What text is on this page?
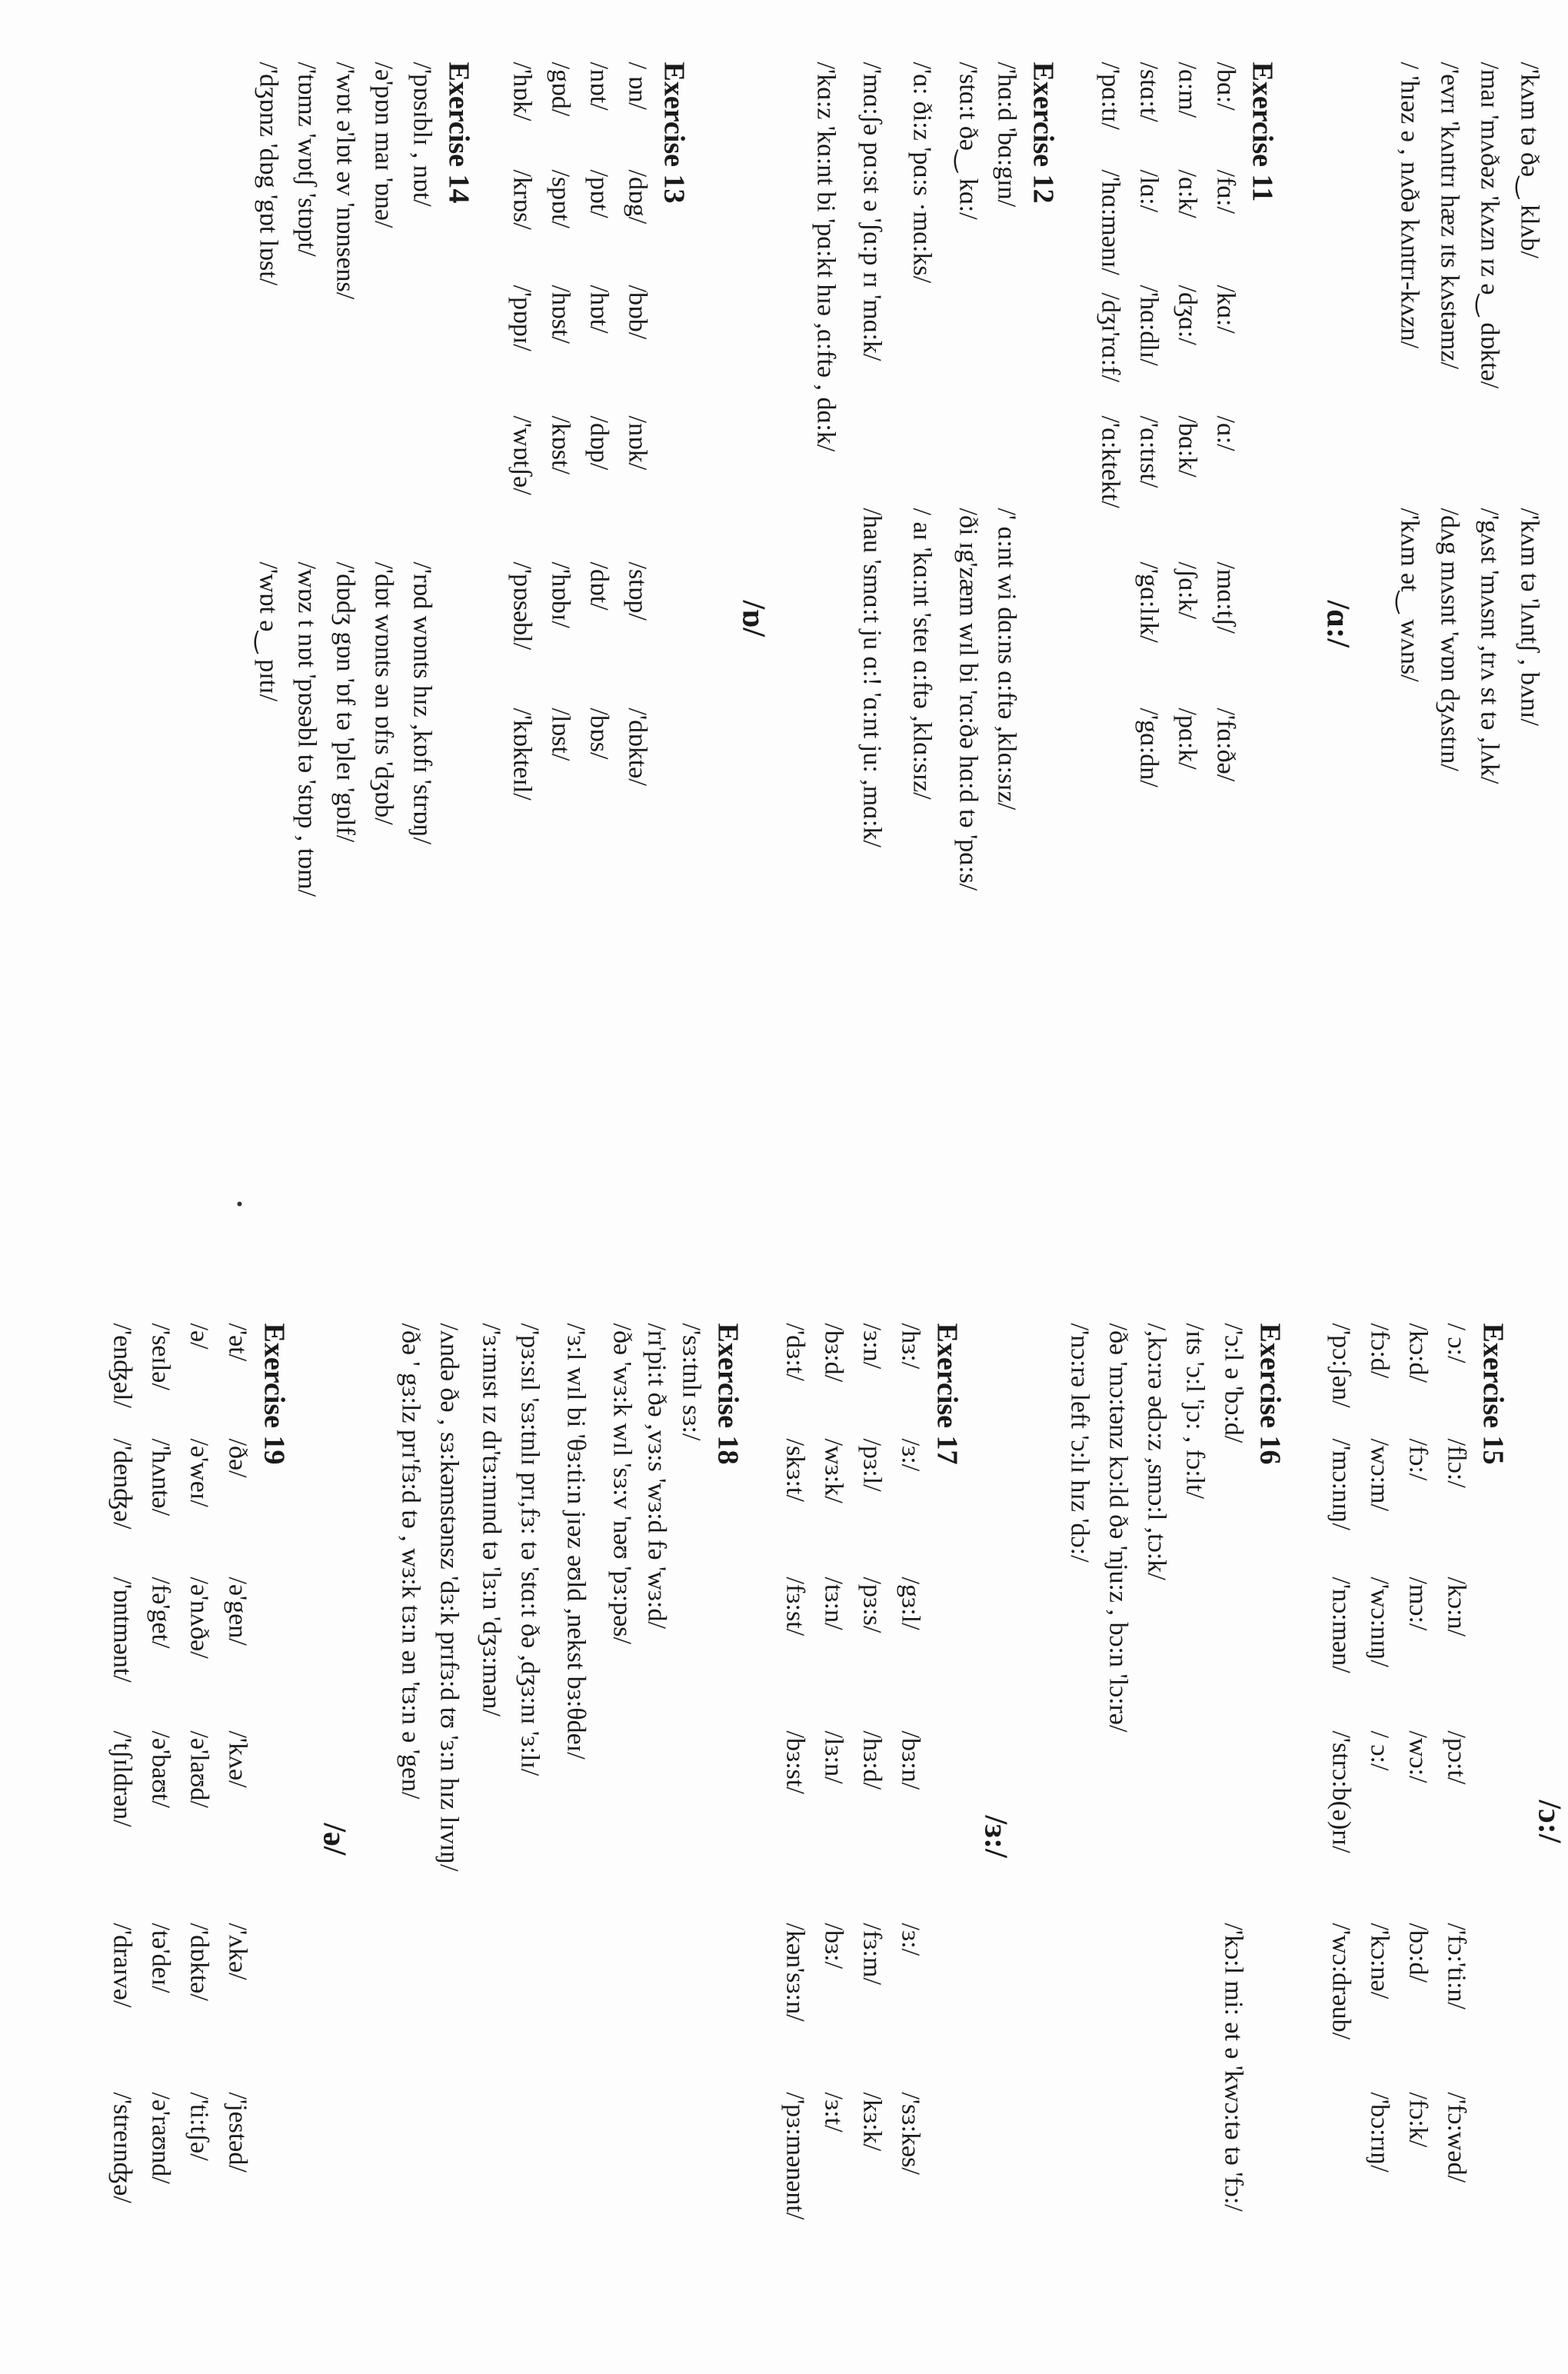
/'kʌm tə ðə‿ klʌb/
/maɪ 'mʌðəz 'kʌzn ɪz ə‿ dɒktə/
/'evrɪ 'kʌntrɪ hæz ɪts kʌstəmz/
/ 'hɪəz ə , nʌðə kʌntrɪ-kʌzn/
/'kʌm tə 'lʌntʃ , bʌnɪ/
/'gʌst 'mʌsnt ,trʌ st tə ,lʌk/
/dʌg mʌsnt 'wɒn dʒʌstɪn/
/'kʌm ət‿ wʌns/
/ɑ:/
Exercise 11
/bɑ:/
/fɑ:/
/kɑ:/
/ɑ:/
/mɑ:tʃ/
/'fɑ:ðə/
/ɑ:m/
/ɑ:k/
/dʒɑ:/
/bɑ:k/
/ʃɑ:k/
/pɑ:k/
/stɑ:t/
/lɑ:/
/'hɑ:dlɪ/
/'ɑ:tɪst/
/'gɑ:lɪk/
/'gɑ:dn/
/'pɑ:tɪ/
/'hɑ:mənɪ/
/dʒɪ'rɑ:f/
/'ɑ:ktekt/
Exercise 12
/'hɑ:d 'bɑ:gɪn/
/' ɑ:nt wi dɑ:ns ɑ:ftə ,klɑ:sɪz/
/'stɑ:t ðə‿ kɑ:/
/ði ɪg'zæm wɪl bi 'rɑ:ðə hɑ:d tə 'pɑ:s/
/'ɑ: ði:z 'pɑ:s ·mɑ:ks/
/ aɪ 'kɑ:nt 'steɪ ɑ:ftə ,klɑ:sɪz/
/'mɑ:ʃə pɑ:st ə 'ʃɑ:p rɪ 'mɑ:k/
/hau 'smɑ:t ju ɑ:! 'ɑ:nt ju: ,mɑ:k/
/'kɑ:z 'kɑ:nt bi 'pɑ:kt hɪə ,ɑ:ftə , dɑ:k/
/ɒ/
Exercise 13
/ ɒn/
/dɒg/
/bɒb/
/nɒk/
/stɒp/
/'dɒktə/
/nɒt/
/pɒt/
/hɒt/
/dɒp/
/dɒt/
/bɒs/
/gɒd/
/spɒt/
/hɒst/
/kɒst/
/'hɒbɪ/
/lɒst/
/'hɒk/
/krɒs/
/'pɒpɪ/
/'wɒtʃə/
/'pɒsəbl/
/'kɒkteɪl/
Exercise 14
/'pɒsɪblɪ , nɒt/
/'rɒd wɒnts hɪz ,kɒfɪ 'strɒŋ/
/ə'pɒn maɪ 'ɒnə/
/'dɒt wɒnts ən ɒfɪs 'dʒɒb/
/'wɒt ə'lɒt əv 'nɒnsens/
/'dɒdʒ gɒn 'ɒf tə 'pleɪ 'gɒlf/
/'tɒmz 'wɒtʃ 'stɒpt/
/wɒz t nɒt 'pɒsəbl tə 'stɒp , tɒm/
/'dʒɒnz 'dɒg 'gɒt lɒst/
/'wɒt ə‿ pɪtɪ/
/ɔ:/
Exercise 15
/ ɔ:/
/flɔ:/
/kɔ:n/
/pɔ:t/
/'fɔ:'ti:n/
/'fɔ:wəd/
/kɔ:d/
/fɔ:/
/mɔ:/
/wɔ:/
/bɔ:d/
/fɔ:k/
/fɔ:d/
/wɔ:m/
/'wɔ:nɪŋ/
/ ɔ:/
/'kɔ:nə/
/'bɔ:rɪŋ/
/'pɔ:ʃən/
/'mɔ:nɪŋ/
/'nɔ:mən/
/'strɔ:b(ə)rɪ/
/'wɔ:drəub/
Exercise 16
/'ɔ:l ə 'bɔ:d/
/'kɔ:l mi: ət ə 'kwɔ:tə tə 'fɔ:/
/ɪts 'ɔ:l 'jɔ: , fɔ:lt/
/,kɔ:rə ədɔ:z ,smɔ:l ,tɔ:k/
/ðə 'mɔ:tənz kɔ:ld ðə 'nju:z , bɔ:n 'lɔ:rə/
/'nɔ:rə left 'ɔ:lɪ hɪz 'dɔ:/
/ɜ:/
Exercise 17
/hɜ:/
/ɜ:/
/gɜ:l/
/bɜ:n/
/ɜ:/
/'sɜ:kəs/
/ɜ:n/
/pɜ:l/
/pɜ:s/
/hɜ:d/
/fɜ:m/
/kɜ:k/
/bɜ:d/
/wɜ:k/
/tɜ:n/
/lɜ:n/
/bɜ:/
/ɜ:t/
/'dɜ:t/
/skɜ:t/
/fɜ:st/
/bɜ:st/
/kən'sɜ:n/
/'pɜ:mənənt/
Exercise 18
/'sɜ:tnlɪ sɜ:/
/rɪ'pi:t ðə ,vɜ:s 'wɜ:d fə 'wɜ:d/
/ðə 'wɜ:k wɪl 'sɜ:v 'nəʊ 'pɜ:pəs/
/'ɜ:l wɪl bi 'θɜ:ti:n jɪəz əʊld ,nekst bɜ:θdeɪ/
/'pɜ:sɪl 'sɜ:tnlɪ prɪ,fɜ: tə 'stɑ:t ðə ,dʒɜ:nɪ 'ɜ:lɪ/
/'ɜ:mɪst ɪz dɪ'tɜ:mɪnd tə 'lɜ:n 'dʒɜ:mən/
/ʌndə ðə , sɜ:kəmstənsz 'dɜ:k prɪfɜ:d tʊ 'ɜ:n hɪz lɪvɪŋ/
/ðə ' gɜ:lz prɪ'fɜ:d tə , wɜ:k tɜ:n ən 'tɜ:n ə 'gen/
/ə/
Exercise 19
/'ət/
/ðə/
/ə'gen/
/'kʌə/
/'ʌkə/
/'jestəd/
/ə/
/ə'weɪ/
/ə'nʌðə/
/ə'laʊd/
/'dɒktə/
/'ti:tʃə/
/'seɪlə/
/'hʌntə/
/fə'get/
/ə'baʊt/
/tə'deɪ/
/ə'raʊnd/
/'enʤəl/
/'denʤə/
/'ɒntmənt/
/'tʃɪldrən/
/'draɪvə/
/'streɪnʤə/
